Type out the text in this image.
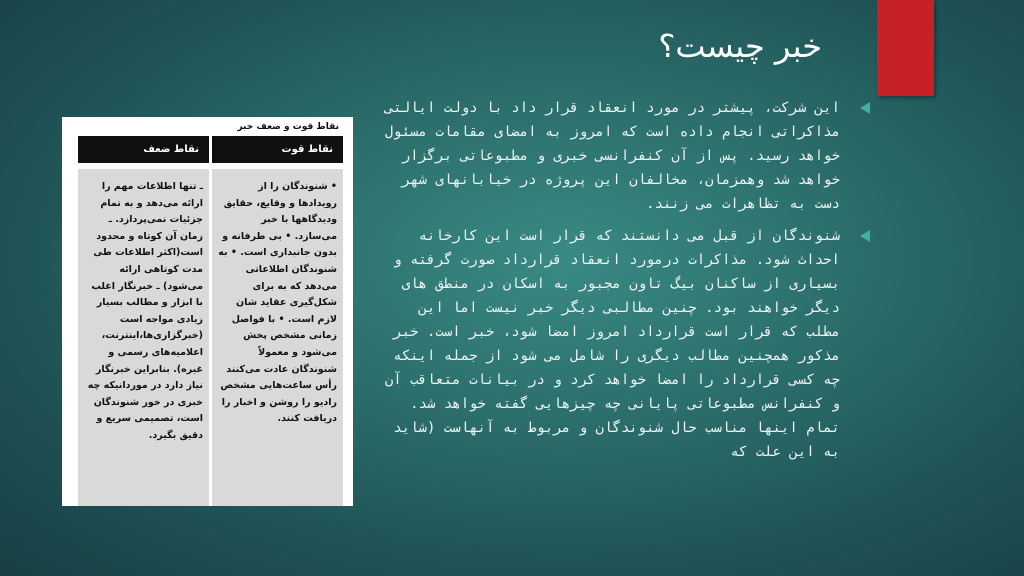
خبر چیست؟
نقاط قوت و ضعف خبر
نقاط قوت
• شنوندگان را از رویدادها و وقایع، حقایق ودیدگاهها با خبر می‌سازد. • بی طرفانه و بدون جانبداری است. • به شنوندگان اطلاعاتی می‌دهد که به برای شکل‌گیری عقاید شان لازم است. • با فواصل زمانی مشخص پخش می‌شود و معمولاً شنوندگان عادت می‌کنند رأس ساعت‌هایی مشخص رادیو را روشن و اخبار را دریافت کنند.
نقاط ضعف
ـ تنها اطلاعات مهم را ارائه می‌دهد و به تمام جزئیات نمی‌پردازد. ـ زمان آن کوتاه و محدود است(اکثر اطلاعات طی مدت کوتاهی ارائه می‌شود) ـ خبرنگار اغلب با ابزار و مطالب بسیار زیادی مواجه است (خبرگزاری‌ها،اینترنت، اعلامیه‌های رسمی و غیره). بنابراین خبرنگار نیاز دارد در موردانیکه چه خبری در خور شنوندگان است، تصمیمی سریع و دقیق بگیرد.

این شرکت، پیشتر در مورد انعقاد قرار داد با دولت ایالتی مذاکراتی انجام داده است که امروز به امضای مقامات مسئول خواهد رسید. پس از آن کنفرانسی خبری و مطبوعاتی برگزار خواهد شد وهمزمان، مخالفان این پروژه در خیابانهای شهر دست به تظاهرات می زنند.

شنوندگان از قبل می دانستند که قرار است این کارخانه احداث شود. مذاکرات درمورد انعقاد قرارداد صورت گرفته و بسیاری از ساکنان بیگ تاون مجبور به اسکان در منطق های دیگر خواهند بود. چنین مطالبی دیگر خبر نیست اما این مطلب که قرار است قرارداد امروز امضا شود، خبر است. خبر مذکور همچنین مطالب دیگری را شامل می شود از جمله اینکه چه کسی قرارداد را امضا خواهد کرد و در بیانات متعاقب آن و کنفرانس مطبوعاتی پایانی چه چیزهایی گفته خواهد شد. تمام اینها مناسب حال شنوندگان و مربوط به آنهاست (شاید به این علت که
